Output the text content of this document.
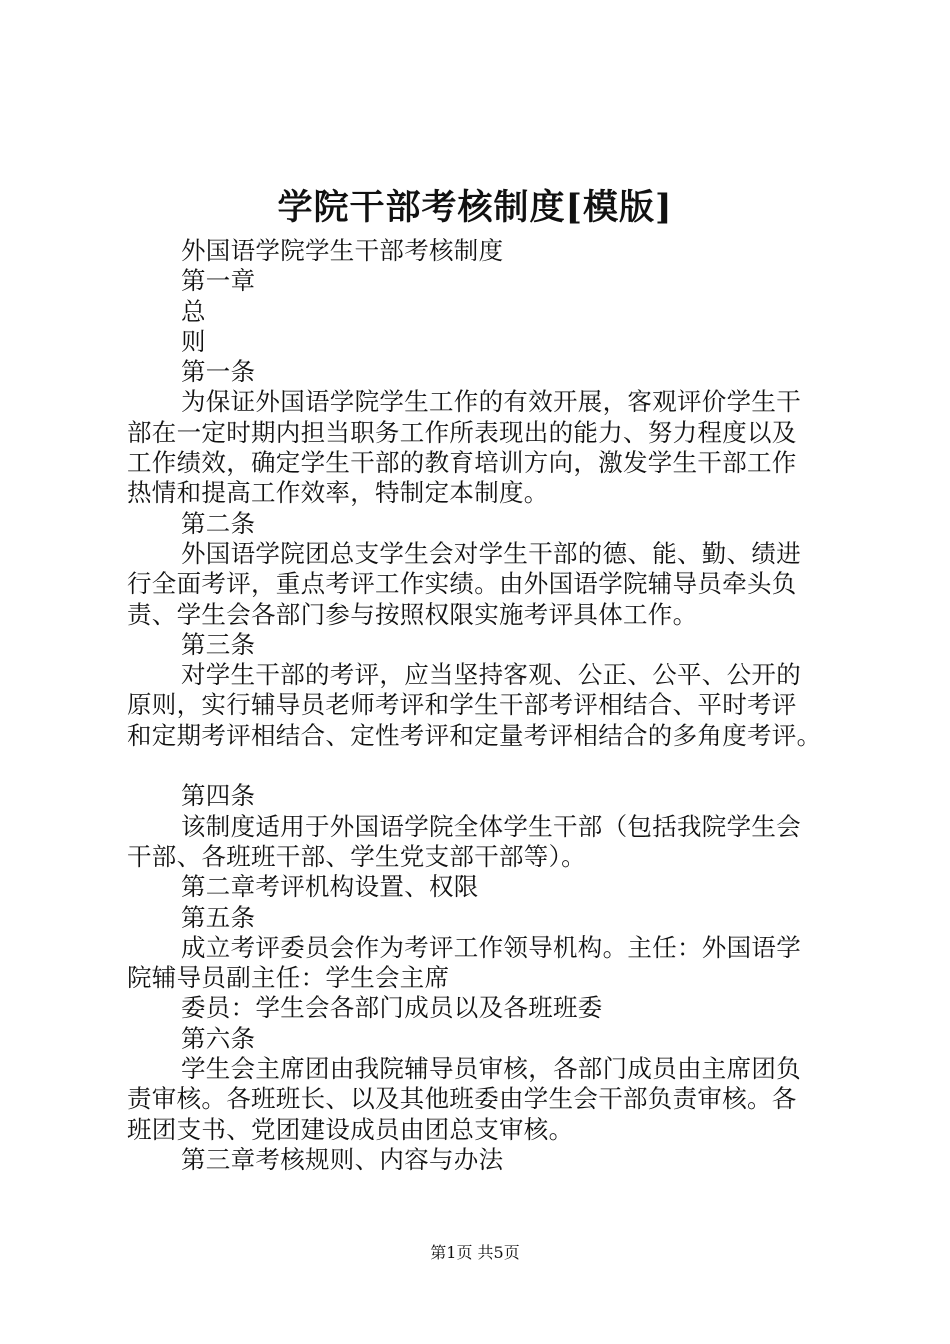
学院干部考核制度[模版]
外国语学院学生干部考核制度
第一章
总
则
第一条
为保证外国语学院学生工作的有效开展，客观评价学生干
部在一定时期内担当职务工作所表现出的能力、努力程度以及
工作绩效，确定学生干部的教育培训方向，激发学生干部工作
热情和提高工作效率，特制定本制度。
第二条
外国语学院团总支学生会对学生干部的德、能、勤、绩进
行全面考评，重点考评工作实绩。由外国语学院辅导员牵头负
责、学生会各部门参与按照权限实施考评具体工作。
第三条
对学生干部的考评，应当坚持客观、公正、公平、公开的
原则，实行辅导员老师考评和学生干部考评相结合、平时考评
和定期考评相结合、定性考评和定量考评相结合的多角度考评。
第四条
该制度适用于外国语学院全体学生干部（包括我院学生会
干部、各班班干部、学生党支部干部等）。
第二章考评机构设置、权限
第五条
成立考评委员会作为考评工作领导机构。主任：外国语学
院辅导员副主任：学生会主席
委员：学生会各部门成员以及各班班委
第六条
学生会主席团由我院辅导员审核，各部门成员由主席团负
责审核。各班班长、以及其他班委由学生会干部负责审核。各
班团支书、党团建设成员由团总支审核。
第三章考核规则、内容与办法
第1页 共5页
